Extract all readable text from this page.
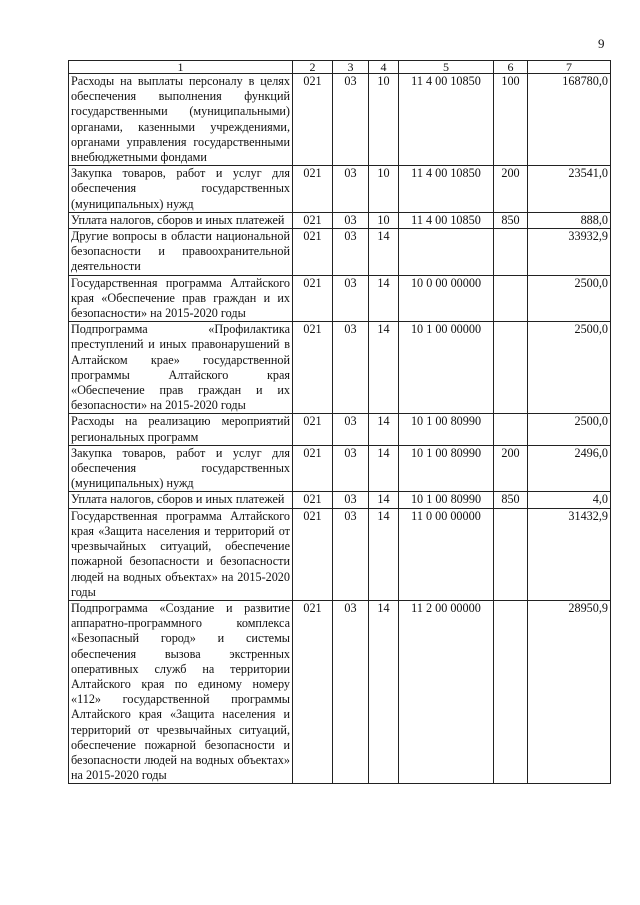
9
1	2	3	4	5	6	7
Расходы на выплаты персоналу в целях обеспечения выполнения функций государственными (муниципальными) органами, казенными учреждениями, органами управления государственными внебюджетными фондами	021	03	10	11 4 00 10850	100	168780,0
Закупка товаров, работ и услуг для обеспечения государственных (муниципальных) нужд	021	03	10	11 4 00 10850	200	23541,0
Уплата налогов, сборов и иных платежей	021	03	10	11 4 00 10850	850	888,0
Другие вопросы в области национальной безопасности и правоохранительной деятельности	021	03	14			33932,9
Государственная программа Алтайского края «Обеспечение прав граждан и их безопасности» на 2015-2020 годы	021	03	14	10 0 00 00000		2500,0
Подпрограмма «Профилактика преступлений и иных правонарушений в Алтайском крае» государственной программы Алтайского края «Обеспечение прав граждан и их безопасности» на 2015-2020 годы	021	03	14	10 1 00 00000		2500,0
Расходы на реализацию мероприятий региональных программ	021	03	14	10 1 00 80990		2500,0
Закупка товаров, работ и услуг для обеспечения государственных (муниципальных) нужд	021	03	14	10 1 00 80990	200	2496,0
Уплата налогов, сборов и иных платежей	021	03	14	10 1 00 80990	850	4,0
Государственная программа Алтайского края «Защита населения и территорий от чрезвычайных ситуаций, обеспечение пожарной безопасности и безопасности людей на водных объектах» на 2015-2020 годы	021	03	14	11 0 00 00000		31432,9
Подпрограмма «Создание и развитие аппаратно-программного комплекса «Безопасный город» и системы обеспечения вызова экстренных оперативных служб на территории Алтайского края по единому номеру «112» государственной программы Алтайского края «Защита населения и территорий от чрезвычайных ситуаций, обеспечение пожарной безопасности и безопасности людей на водных объектах» на 2015-2020 годы	021	03	14	11 2 00 00000		28950,9
